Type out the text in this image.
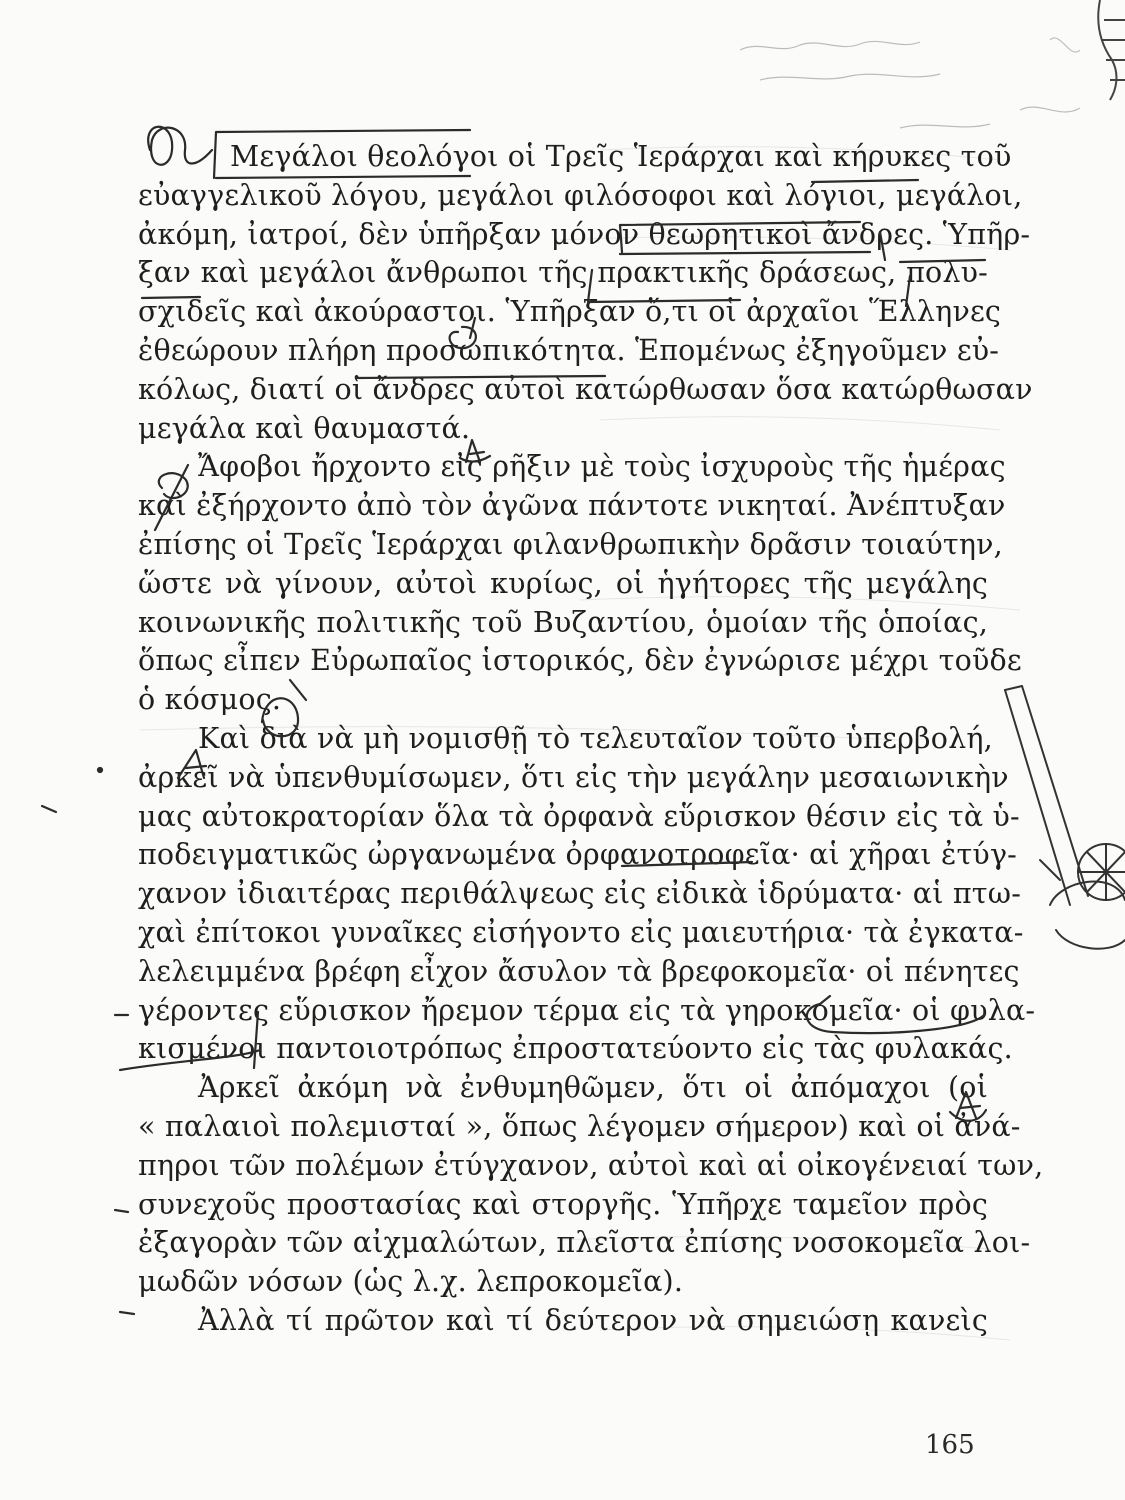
Μεγάλοι θεολόγοι οἱ Τρεῖς Ἱεράρχαι καὶ κήρυκες τοῦ
εὐαγγελικοῦ λόγου, μεγάλοι φιλόσοφοι καὶ λόγιοι, μεγάλοι,
ἀκόμη, ἰατροί, δὲν ὑπῆρξαν μόνον θεωρητικοὶ ἄνδρες. Ὑπῆρ-
ξαν καὶ μεγάλοι ἄνθρωποι τῆς πρακτικῆς δράσεως, πολυ-
σχιδεῖς καὶ ἀκούραστοι. Ὑπῆρξαν ὅ,τι οἱ ἀρχαῖοι Ἕλληνες
ἐθεώρουν πλήρη προσωπικότητα. Ἑπομένως ἐξηγοῦμεν εὐ-
κόλως, διατί οἱ ἄνδρες αὐτοὶ κατώρθωσαν ὅσα κατώρθωσαν
μεγάλα καὶ θαυμαστά.
Ἄφοβοι ἤρχοντο εἰς ρῆξιν μὲ τοὺς ἰσχυροὺς τῆς ἡμέρας
καὶ ἐξήρχοντο ἀπὸ τὸν ἀγῶνα πάντοτε νικηταί. Ἀνέπτυξαν
ἐπίσης οἱ Τρεῖς Ἱεράρχαι φιλανθρωπικὴν δρᾶσιν τοιαύτην,
ὥστε νὰ γίνουν, αὐτοὶ κυρίως, οἱ ἡγήτορες τῆς μεγάλης
κοινωνικῆς πολιτικῆς τοῦ Βυζαντίου, ὁμοίαν τῆς ὁποίας,
ὅπως εἶπεν Εὐρωπαῖος ἱστορικός, δὲν ἐγνώρισε μέχρι τοῦδε
ὁ κόσμος.
Καὶ διὰ νὰ μὴ νομισθῇ τὸ τελευταῖον τοῦτο ὑπερβολή,
ἀρκεῖ νὰ ὑπενθυμίσωμεν, ὅτι εἰς τὴν μεγάλην μεσαιωνικὴν
μας αὐτοκρατορίαν ὅλα τὰ ὀρφανὰ εὕρισκον θέσιν εἰς τὰ ὑ-
ποδειγματικῶς ὠργανωμένα ὀρφανοτροφεῖα· αἱ χῆραι ἐτύγ-
χανον ἰδιαιτέρας περιθάλψεως εἰς εἰδικὰ ἱδρύματα· αἱ πτω-
χαὶ ἐπίτοκοι γυναῖκες εἰσήγοντο εἰς μαιευτήρια· τὰ ἐγκατα-
λελειμμένα βρέφη εἶχον ἄσυλον τὰ βρεφοκομεῖα· οἱ πένητες
γέροντες εὕρισκον ἤρεμον τέρμα εἰς τὰ γηροκομεῖα· οἱ φυλα-
κισμένοι παντοιοτρόπως ἐπροστατεύοντο εἰς τὰς φυλακάς.
Ἀρκεῖ ἀκόμη νὰ ἐνθυμηθῶμεν, ὅτι οἱ ἀπόμαχοι (οἱ
« παλαιοὶ πολεμισταί », ὅπως λέγομεν σήμερον) καὶ οἱ ἀνά-
πηροι τῶν πολέμων ἐτύγχανον, αὐτοὶ καὶ αἱ οἰκογένειαί των,
συνεχοῦς προστασίας καὶ στοργῆς. Ὑπῆρχε ταμεῖον πρὸς
ἐξαγορὰν τῶν αἰχμαλώτων, πλεῖστα ἐπίσης νοσοκομεῖα λοι-
μωδῶν νόσων (ὡς λ.χ. λεπροκομεῖα).
Ἀλλὰ τί πρῶτον καὶ τί δεύτερον νὰ σημειώσῃ κανεὶς
165
